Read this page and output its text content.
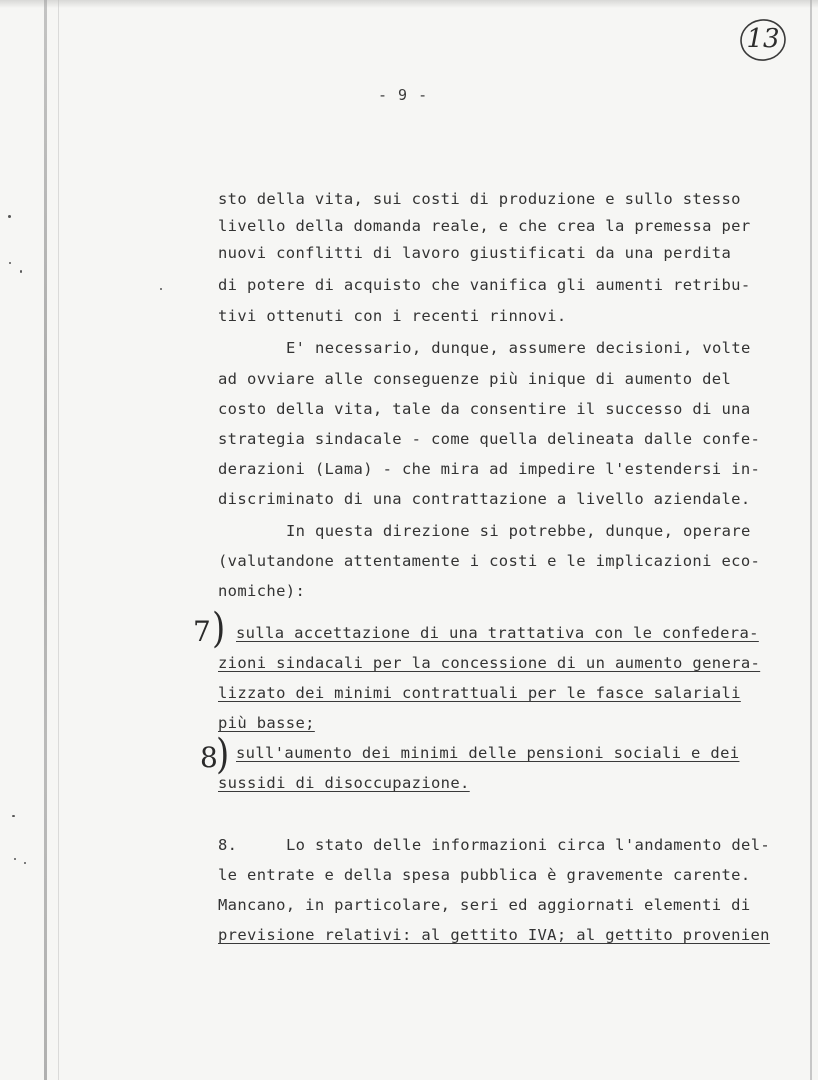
13
- 9 -
sto della vita, sui costi di produzione e sullo stesso
livello della domanda reale, e che crea la premessa per
nuovi conflitti di lavoro giustificati da una perdita
di potere di acquisto che vanifica gli aumenti retribu-
tivi ottenuti con i recenti rinnovi.
E' necessario, dunque, assumere decisioni, volte
ad ovviare alle conseguenze più inique di aumento del
costo della vita, tale da consentire il successo di una
strategia sindacale - come quella delineata dalle confe-
derazioni (Lama) - che mira ad impedire l'estendersi in-
discriminato di una contrattazione a livello aziendale.
In questa direzione si potrebbe, dunque, operare
(valutandone attentamente i costi e le implicazioni eco-
nomiche):
7 ) sulla accettazione di una trattativa con le confedera-
zioni sindacali per la concessione di un aumento genera-
lizzato dei minimi contrattuali per le fasce salariali
più basse;
8
) sull'aumento dei minimi delle pensioni sociali e dei
sussidi di disoccupazione.
8.	Lo stato delle informazioni circa l'andamento del-
le entrate e della spesa pubblica è gravemente carente.
Mancano, in particolare, seri ed aggiornati elementi di
previsione relativi: al gettito IVA; al gettito provenien
